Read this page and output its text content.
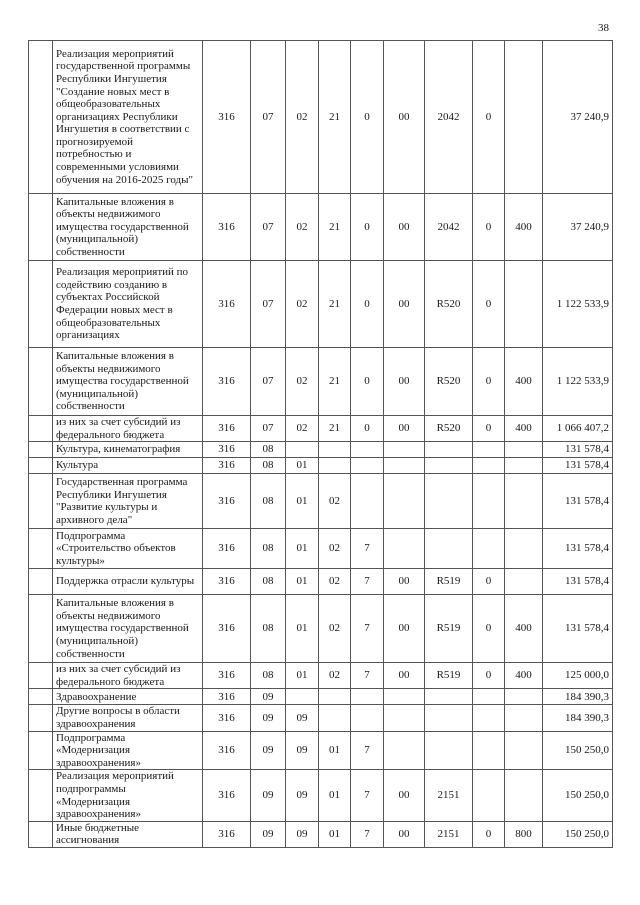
38
	Реализация мероприятий государственной программы Республики Ингушетия "Создание новых мест в общеобразовательных организациях Республики Ингушетия в соответствии с прогнозируемой потребностью и современными условиями обучения на 2016-2025 годы"	316	07	02	21	0	00	2042	0		37 240,9
	Капитальные вложения в объекты недвижимого имущества государственной (муниципальной) собственности	316	07	02	21	0	00	2042	0	400	37 240,9
	Реализация мероприятий по содействию созданию в субъектах Российской Федерации новых мест в общеобразовательных организациях	316	07	02	21	0	00	R520	0		1 122 533,9
	Капитальные вложения в объекты недвижимого имущества государственной (муниципальной) собственности	316	07	02	21	0	00	R520	0	400	1 122 533,9
	из них за счет субсидий из федерального бюджета	316	07	02	21	0	00	R520	0	400	1 066 407,2
	Культура, кинематография	316	08								131 578,4
	Культура	316	08	01							131 578,4
	Государственная программа Республики Ингушетия "Развитие культуры и архивного дела"	316	08	01	02						131 578,4
	Подпрограмма «Строительство объектов культуры»	316	08	01	02	7					131 578,4
	Поддержка отрасли культуры	316	08	01	02	7	00	R519	0		131 578,4
	Капитальные вложения в объекты недвижимого имущества государственной (муниципальной) собственности	316	08	01	02	7	00	R519	0	400	131 578,4
	из них за счет субсидий из федерального бюджета	316	08	01	02	7	00	R519	0	400	125 000,0
	Здравоохранение	316	09								184 390,3
	Другие вопросы в области здравоохранения	316	09	09							184 390,3
	Подпрограмма «Модернизация здравоохранения»	316	09	09	01	7					150 250,0
	Реализация мероприятий подпрограммы «Модернизация здравоохранения»	316	09	09	01	7	00	2151			150 250,0
	Иные бюджетные ассигнования	316	09	09	01	7	00	2151	0	800	150 250,0
